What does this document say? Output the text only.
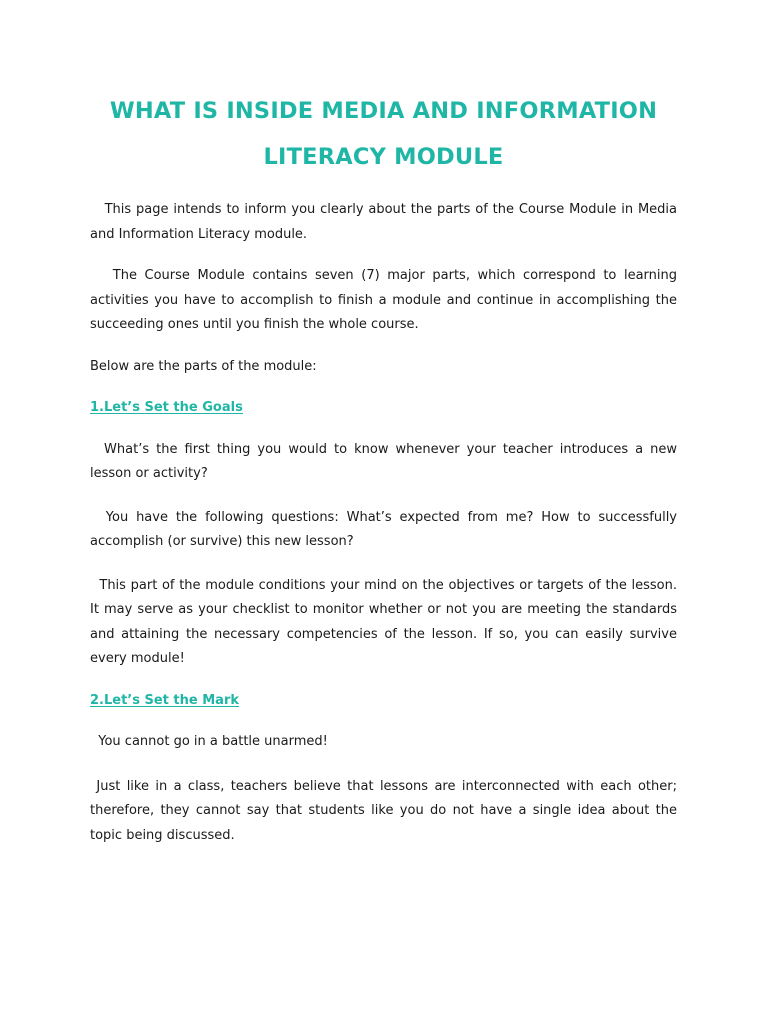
WHAT IS INSIDE MEDIA AND INFORMATION
LITERACY MODULE

This page intends to inform you clearly about the parts of the Course Module in Media and Information Literacy module.

The Course Module contains seven (7) major parts, which correspond to learning activities you have to accomplish to finish a module and continue in accomplishing the succeeding ones until you finish the whole course.

Below are the parts of the module:

1.Let’s Set the Goals

What’s the first thing you would to know whenever your teacher introduces a new lesson or activity?

You have the following questions: What’s expected from me? How to successfully accomplish (or survive) this new lesson?

This part of the module conditions your mind on the objectives or targets of the lesson. It may serve as your checklist to monitor whether or not you are meeting the standards and attaining the necessary competencies of the lesson. If so, you can easily survive every module!

2.Let’s Set the Mark

You cannot go in a battle unarmed!

Just like in a class, teachers believe that lessons are interconnected with each other; therefore, they cannot say that students like you do not have a single idea about the topic being discussed.
